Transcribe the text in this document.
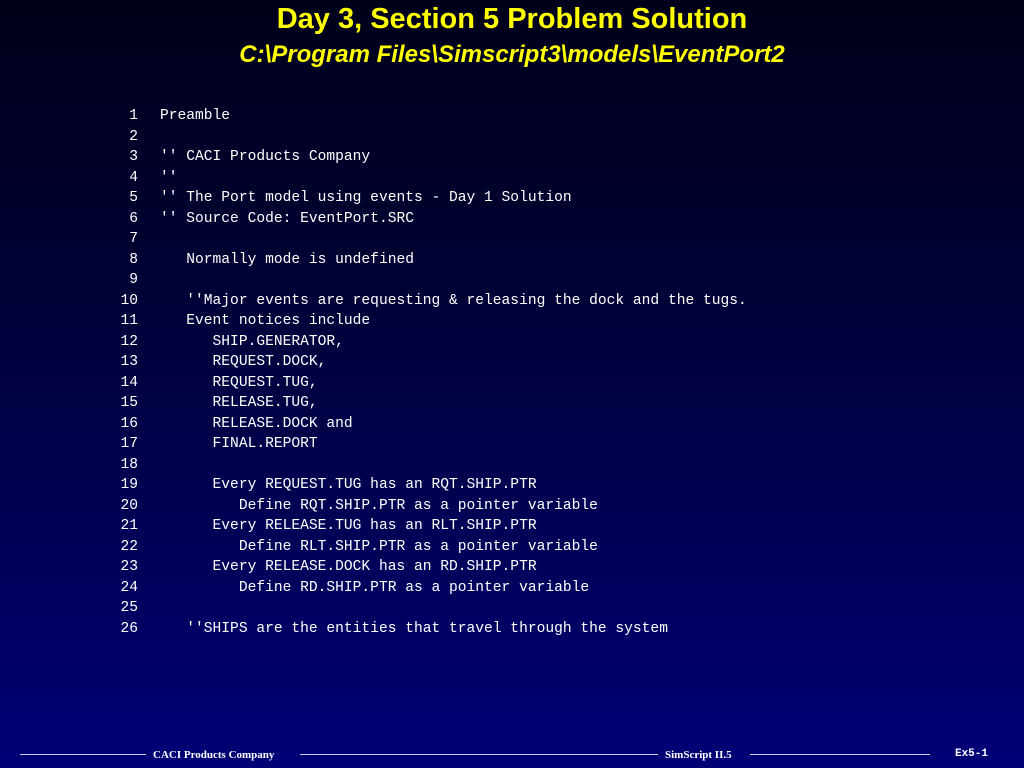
Day 3, Section 5 Problem Solution
C:\Program Files\Simscript3\models\EventPort2
1 Preamble
2
3 '' CACI Products Company
4 ''
5 '' The Port model using events - Day 1 Solution
6 '' Source Code: EventPort.SRC
7
8 Normally mode is undefined
9
10 ''Major events are requesting & releasing the dock and the tugs.
11 Event notices include
12 SHIP.GENERATOR,
13 REQUEST.DOCK,
14 REQUEST.TUG,
15 RELEASE.TUG,
16 RELEASE.DOCK and
17 FINAL.REPORT
18
19 Every REQUEST.TUG has an RQT.SHIP.PTR
20 Define RQT.SHIP.PTR as a pointer variable
21 Every RELEASE.TUG has an RLT.SHIP.PTR
22 Define RLT.SHIP.PTR as a pointer variable
23 Every RELEASE.DOCK has an RD.SHIP.PTR
24 Define RD.SHIP.PTR as a pointer variable
25
26 ''SHIPS are the entities that travel through the system
CACI Products Company	SimScript II.5	Ex5-1
